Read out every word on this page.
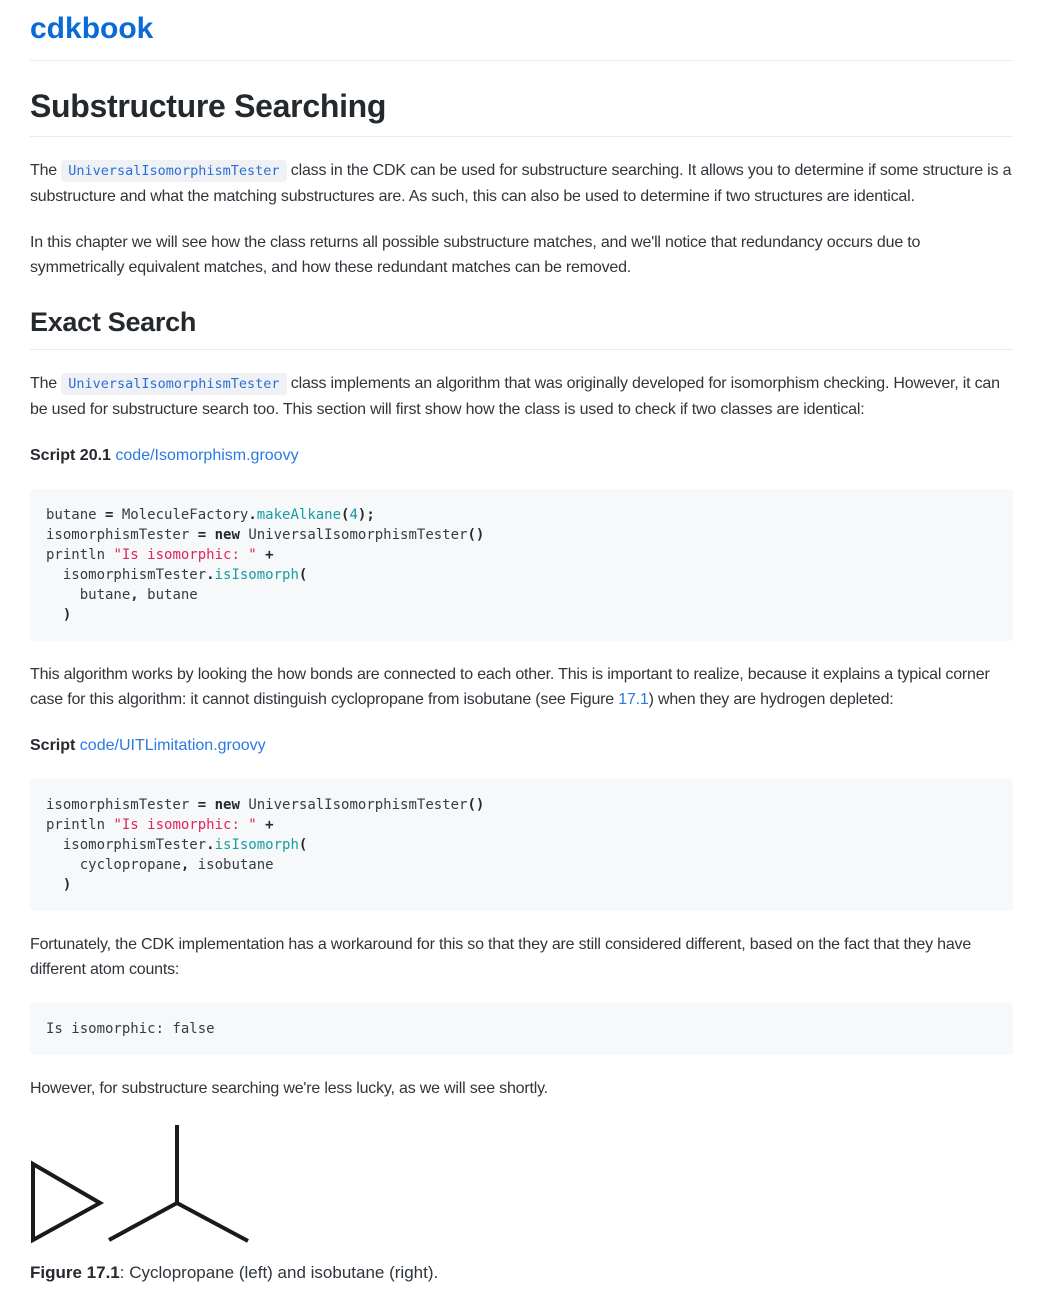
cdkbook
Substructure Searching

The UniversalIsomorphismTester class in the CDK can be used for substructure searching. It allows you to determine if some structure is a substructure and what the matching substructures are. As such, this can also be used to determine if two structures are identical.

In this chapter we will see how the class returns all possible substructure matches, and we'll notice that redundancy occurs due to symmetrically equivalent matches, and how these redundant matches can be removed.

Exact Search

The UniversalIsomorphismTester class implements an algorithm that was originally developed for isomorphism checking. However, it can be used for substructure search too. This section will first show how the class is used to check if two classes are identical:

Script 20.1 code/Isomorphism.groovy

butane = MoleculeFactory.makeAlkane(4);
isomorphismTester = new UniversalIsomorphismTester()
println "Is isomorphic: " +
isomorphismTester.isIsomorph(
butane, butane
)

This algorithm works by looking the how bonds are connected to each other. This is important to realize, because it explains a typical corner case for this algorithm: it cannot distinguish cyclopropane from isobutane (see Figure 17.1) when they are hydrogen depleted:

Script code/UITLimitation.groovy

isomorphismTester = new UniversalIsomorphismTester()
println "Is isomorphic: " +
isomorphismTester.isIsomorph(
cyclopropane, isobutane
)

Fortunately, the CDK implementation has a workaround for this so that they are still considered different, based on the fact that they have different atom counts:

Is isomorphic: false

However, for substructure searching we're less lucky, as we will see shortly.

Figure 17.1: Cyclopropane (left) and isobutane (right).
